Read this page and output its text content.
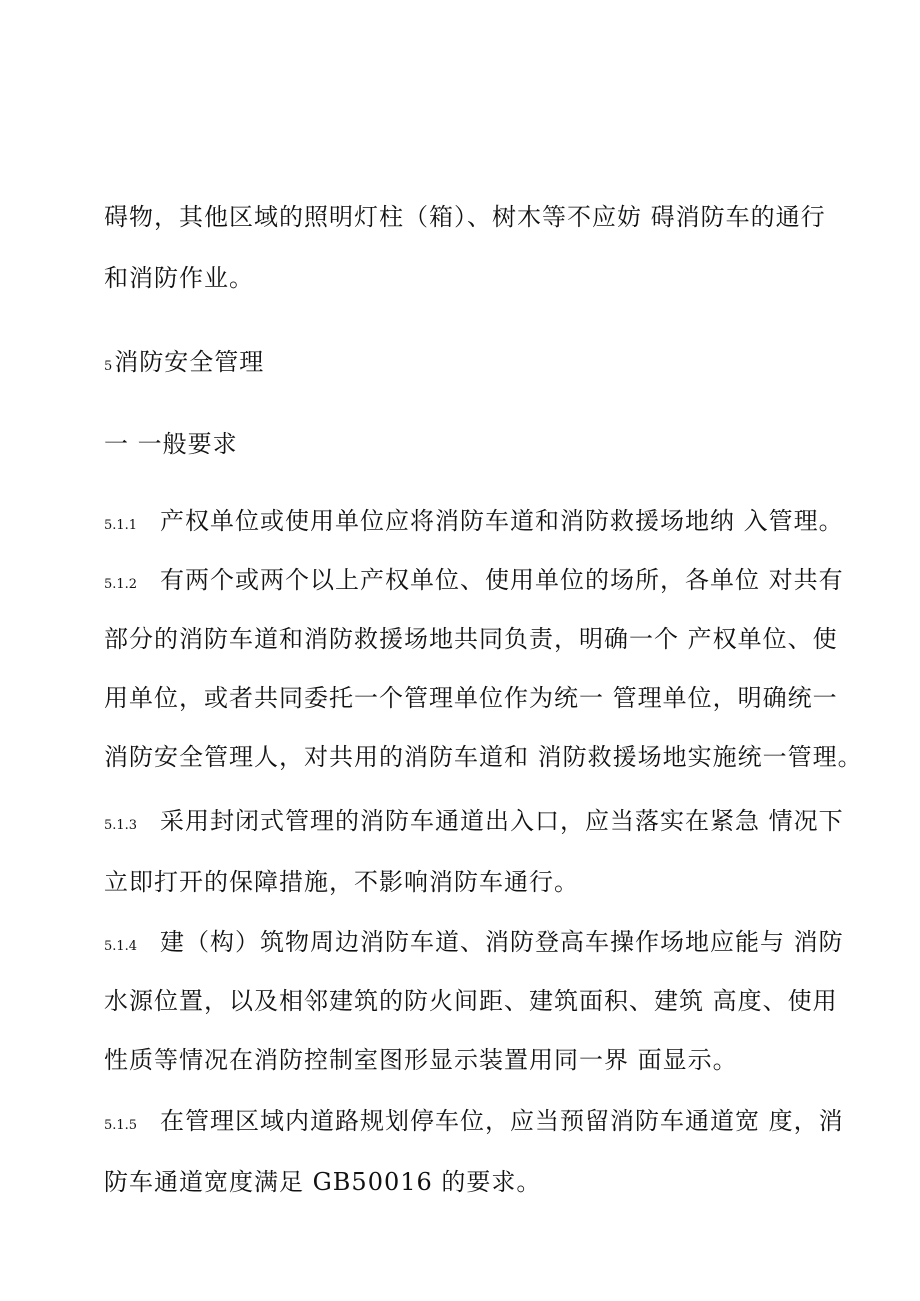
碍物，其他区域的照明灯柱（箱）、树木等不应妨 碍消防车的通行
和消防作业。
5消防安全管理
一 一般要求
5.1.1 产权单位或使用单位应将消防车道和消防救援场地纳 入管理。
5.1.2 有两个或两个以上产权单位、使用单位的场所，各单位 对共有
部分的消防车道和消防救援场地共同负责，明确一个 产权单位、使
用单位，或者共同委托一个管理单位作为统一 管理单位，明确统一
消防安全管理人，对共用的消防车道和 消防救援场地实施统一管理。
5.1.3 采用封闭式管理的消防车通道出入口，应当落实在紧急 情况下
立即打开的保障措施，不影响消防车通行。
5.1.4 建（构）筑物周边消防车道、消防登高车操作场地应能与 消防
水源位置，以及相邻建筑的防火间距、建筑面积、建筑 高度、使用
性质等情况在消防控制室图形显示装置用同一界 面显示。
5.1.5 在管理区域内道路规划停车位，应当预留消防车通道宽 度，消
防车通道宽度满足 GB50016 的要求。
